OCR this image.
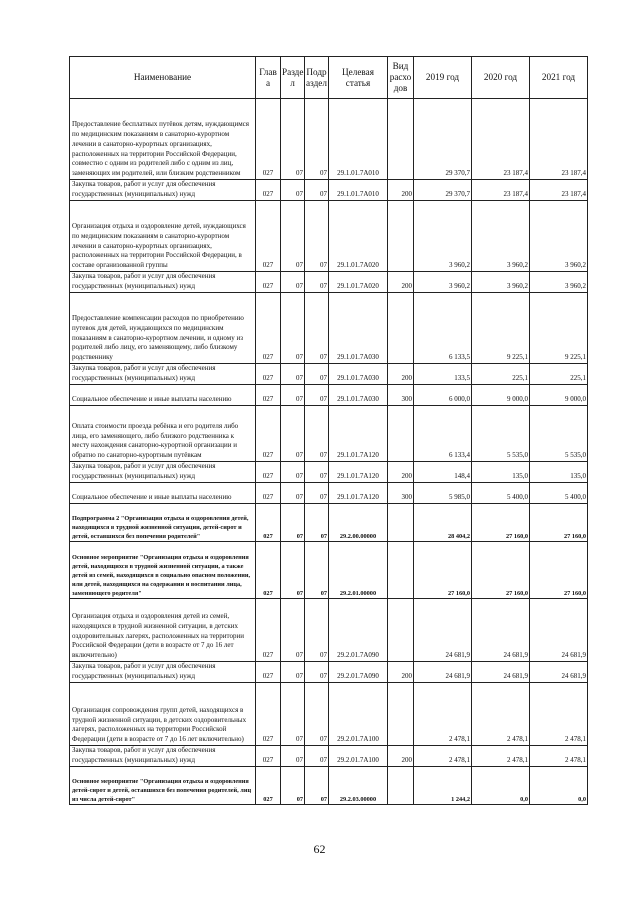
Наименование	Глав а	Разде л	Подр аздел	Целевая статья	Вид расхо дов	2019 год	2020 год	2021 год
Предоставление бесплатных путёвок детям, нуждающимся по медицинским показаниям в санаторно-курортном лечении в санаторно-курортных организациях, расположенных на территории Российской Федерации, совместно с одним из родителей либо с одним из лиц, заменяющих им родителей, или близким родственником	027	07	07	29.1.01.7А010		29 370,7	23 187,4	23 187,4
Закупка товаров, работ и услуг для обеспечения государственных (муниципальных) нужд	027	07	07	29.1.01.7А010	200	29 370,7	23 187,4	23 187,4
Организация отдыха и оздоровление детей, нуждающихся по медицинским показаниям в санаторно-курортном лечении в санаторно-курортных организациях, расположенных на территории Российской Федерации, в составе организованной группы	027	07	07	29.1.01.7А020		3 960,2	3 960,2	3 960,2
Закупка товаров, работ и услуг для обеспечения государственных (муниципальных) нужд	027	07	07	29.1.01.7А020	200	3 960,2	3 960,2	3 960,2
Предоставление компенсации расходов по приобретению путевок для детей, нуждающихся по медицинским показаниям в санаторно-курортном лечении, и одному из родителей либо лицу, его заменяющему, либо близкому родственнику	027	07	07	29.1.01.7А030		6 133,5	9 225,1	9 225,1
Закупка товаров, работ и услуг для обеспечения государственных (муниципальных) нужд	027	07	07	29.1.01.7А030	200	133,5	225,1	225,1
Социальное обеспечение и иные выплаты населению	027	07	07	29.1.01.7А030	300	6 000,0	9 000,0	9 000,0
Оплата стоимости проезда ребёнка и его родителя либо лица, его заменяющего, либо близкого родственника к месту нахождения санаторно-курортной организации и обратно по санаторно-курортным путёвкам	027	07	07	29.1.01.7А120		6 133,4	5 535,0	5 535,0
Закупка товаров, работ и услуг для обеспечения государственных (муниципальных) нужд	027	07	07	29.1.01.7А120	200	148,4	135,0	135,0
Социальное обеспечение и иные выплаты населению	027	07	07	29.1.01.7А120	300	5 985,0	5 400,0	5 400,0
Подпрограмма 2 "Организация отдыха и оздоровления детей, находящихся в трудной жизненной ситуации, детей-сирот и детей, оставшихся без попечения родителей"	027	07	07	29.2.00.00000		28 404,2	27 160,0	27 160,0
Основное мероприятие "Организация отдыха и оздоровления детей, находящихся в трудной жизненной ситуации, а также детей из семей, находящихся в социально опасном положении, или детей, находящихся на содержании и воспитании лица, заменяющего родителя"	027	07	07	29.2.01.00000		27 160,0	27 160,0	27 160,0
Организация отдыха и оздоровления детей из семей, находящихся в трудной жизненной ситуации, в детских оздоровительных лагерях, расположенных на территории Российской Федерации (дети в возрасте от 7 до 16 лет включительно)	027	07	07	29.2.01.7А090		24 681,9	24 681,9	24 681,9
Закупка товаров, работ и услуг для обеспечения государственных (муниципальных) нужд	027	07	07	29.2.01.7А090	200	24 681,9	24 681,9	24 681,9
Организация сопровождения групп детей, находящихся в трудной жизненной ситуации, в детских оздоровительных лагерях, расположенных на территории Российской Федерации (дети в возрасте от 7 до 16 лет включительно)	027	07	07	29.2.01.7А100		2 478,1	2 478,1	2 478,1
Закупка товаров, работ и услуг для обеспечения государственных (муниципальных) нужд	027	07	07	29.2.01.7А100	200	2 478,1	2 478,1	2 478,1
Основное мероприятие "Организация отдыха и оздоровления детей-сирот и детей, оставшихся без попечения родителей, лиц из числа детей-сирот"	027	07	07	29.2.03.00000		1 244,2	0,0	0,0
62
